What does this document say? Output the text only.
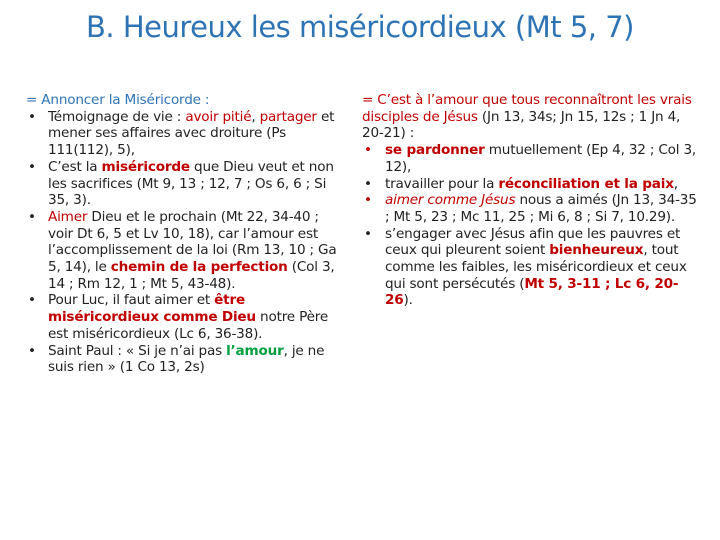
B. Heureux les miséricordieux (Mt 5, 7)
= Annoncer la Miséricorde :
• Témoignage de vie : avoir pitié, partager et mener ses affaires avec droiture (Ps 111(112), 5),
• C’est la miséricorde que Dieu veut et non les sacrifices (Mt 9, 13 ; 12, 7 ; Os 6, 6 ; Si 35, 3).
• Aimer Dieu et le prochain (Mt 22, 34-40 ; voir Dt 6, 5 et Lv 10, 18), car l’amour est l’accomplissement de la loi (Rm 13, 10 ; Ga 5, 14), le chemin de la perfection (Col 3, 14 ; Rm 12, 1 ; Mt 5, 43-48).
• Pour Luc, il faut aimer et être miséricordieux comme Dieu notre Père est miséricordieux (Lc 6, 36-38).
• Saint Paul : « Si je n’ai pas l’amour, je ne suis rien » (1 Co 13, 2s)
= C’est à l’amour que tous reconnaîtront les vrais disciples de Jésus (Jn 13, 34s; Jn 15, 12s ; 1 Jn 4, 20-21) :
• se pardonner mutuellement (Ep 4, 32 ; Col 3, 12),
• travailler pour la réconciliation et la paix,
• aimer comme Jésus nous a aimés (Jn 13, 34-35 ; Mt 5, 23 ; Mc 11, 25 ; Mi 6, 8 ; Si 7, 10.29).
• s’engager avec Jésus afin que les pauvres et ceux qui pleurent soient bienheureux, tout comme les faibles, les miséricordieux et ceux qui sont persécutés (Mt 5, 3-11 ; Lc 6, 20-26).
